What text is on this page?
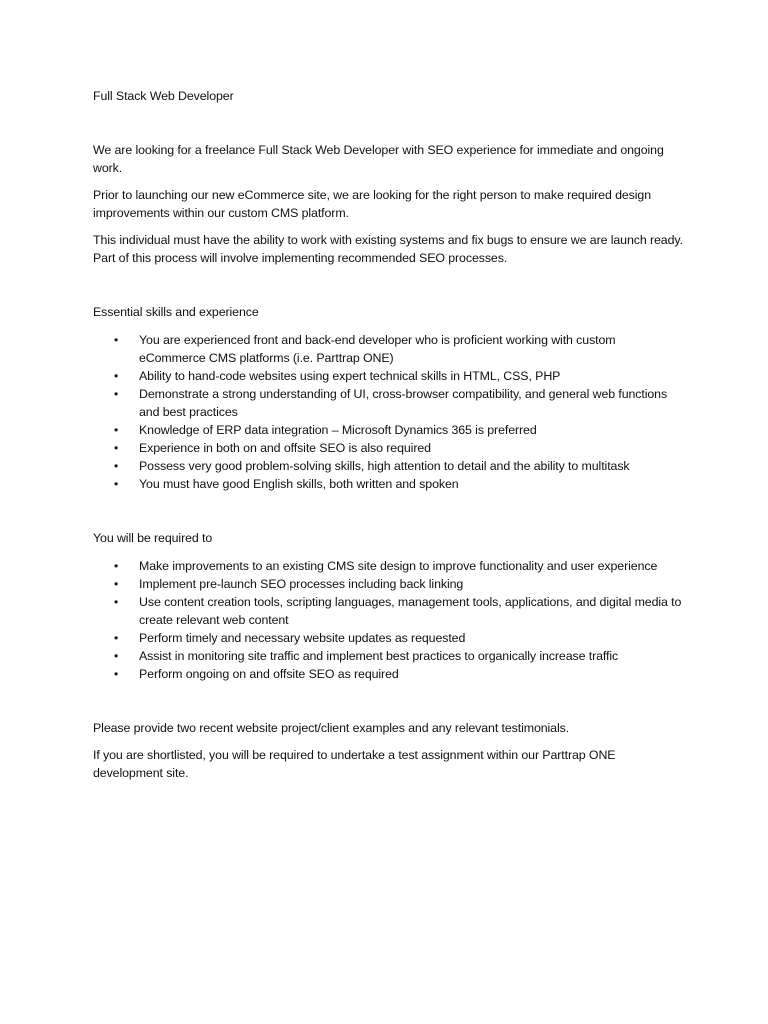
Full Stack Web Developer
We are looking for a freelance Full Stack Web Developer with SEO experience for immediate and ongoing work.
Prior to launching our new eCommerce site, we are looking for the right person to make required design improvements within our custom CMS platform.
This individual must have the ability to work with existing systems and fix bugs to ensure we are launch ready. Part of this process will involve implementing recommended SEO processes.
Essential skills and experience
•	You are experienced front and back-end developer who is proficient working with custom eCommerce CMS platforms (i.e. Parttrap ONE)
•	Ability to hand-code websites using expert technical skills in HTML, CSS, PHP
•	Demonstrate a strong understanding of UI, cross-browser compatibility, and general web functions and best practices
•	Knowledge of ERP data integration – Microsoft Dynamics 365 is preferred
•	Experience in both on and offsite SEO is also required
•	Possess very good problem-solving skills, high attention to detail and the ability to multitask
•	You must have good English skills, both written and spoken
You will be required to
•	Make improvements to an existing CMS site design to improve functionality and user experience
•	Implement pre-launch SEO processes including back linking
•	Use content creation tools, scripting languages, management tools, applications, and digital media to create relevant web content
•	Perform timely and necessary website updates as requested
•	Assist in monitoring site traffic and implement best practices to organically increase traffic
•	Perform ongoing on and offsite SEO as required
Please provide two recent website project/client examples and any relevant testimonials.
If you are shortlisted, you will be required to undertake a test assignment within our Parttrap ONE development site.
